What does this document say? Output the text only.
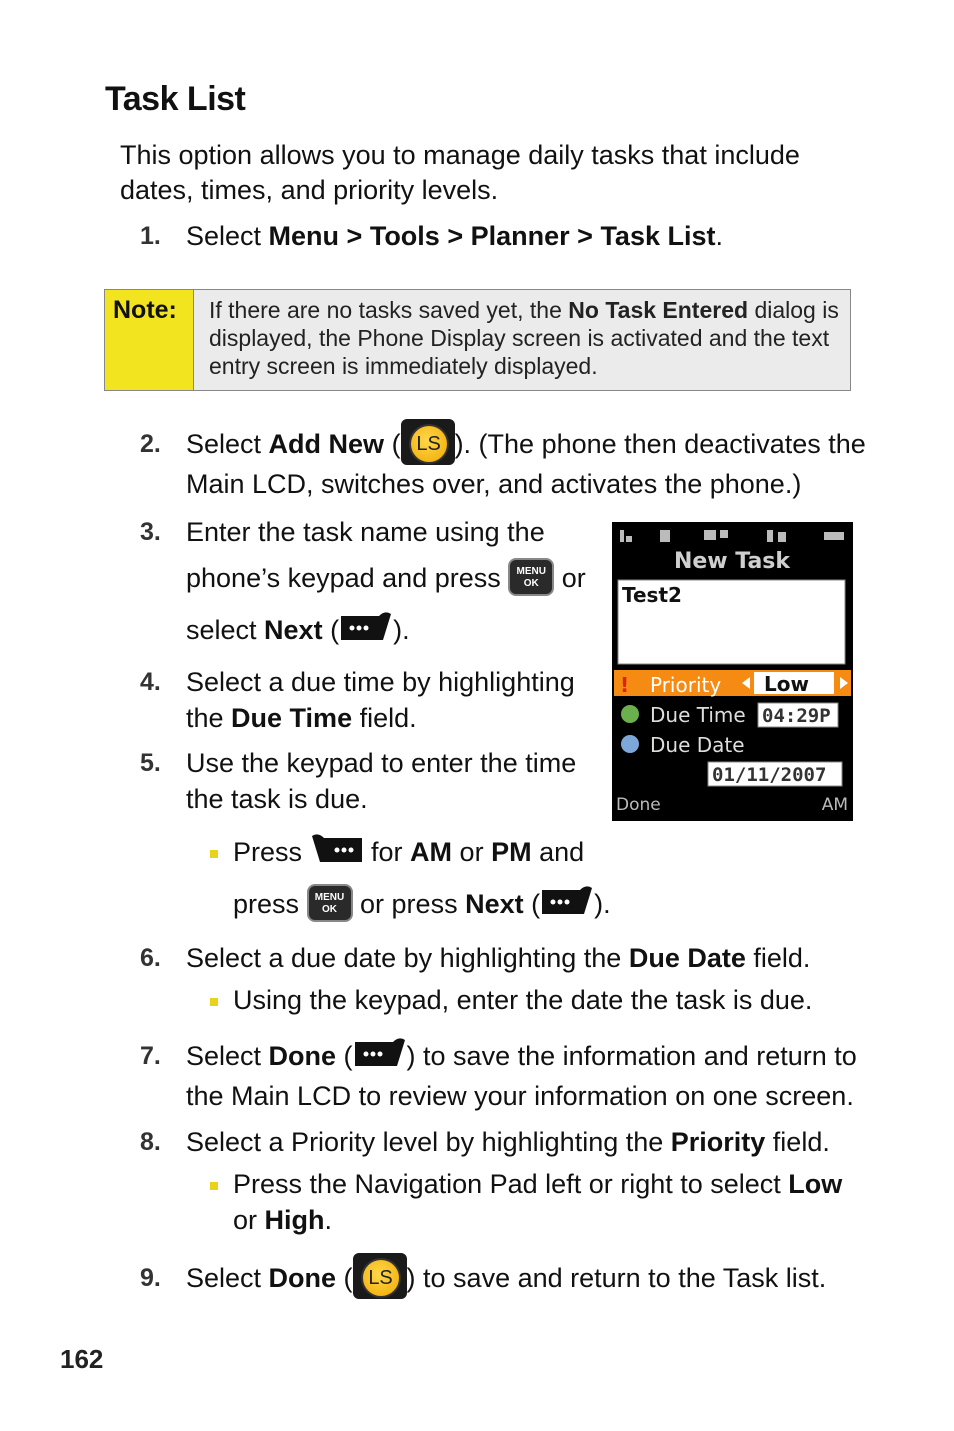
Task List
This option allows you to manage daily tasks that include dates, times, and priority levels.
1. Select Menu > Tools > Planner > Task List.
Note:	If there are no tasks saved yet, the No Task Entered dialog is displayed, the Phone Display screen is activated and the text entry screen is immediately displayed.
2. Select Add New ( LS ). (The phone then deactivates the
Main LCD, switches over, and activates the phone.)
3. Enter the task name using the
phone’s keypad and press MENU
OK or
select Next ( ).
4. Select a due time by highlighting
the Due Time field.
5. Use the keypad to enter the time
the task is due.
Press  for AM or PM and
press MENU
OK or press Next ( ).
6. Select a due date by highlighting the Due Date field.
Using the keypad, enter the date the task is due.
7. Select Done ( ) to save the information and return to
the Main LCD to review your information on one screen.
8. Select a Priority level by highlighting the Priority field.
Press the Navigation Pad left or right to select Low
or High.
9. Select Done ( LS ) to save and return to the Task list.
New Task
Test2
! Priority Low
Due Time 04:29P
Due Date
01/11/2007
Done	AM
162
